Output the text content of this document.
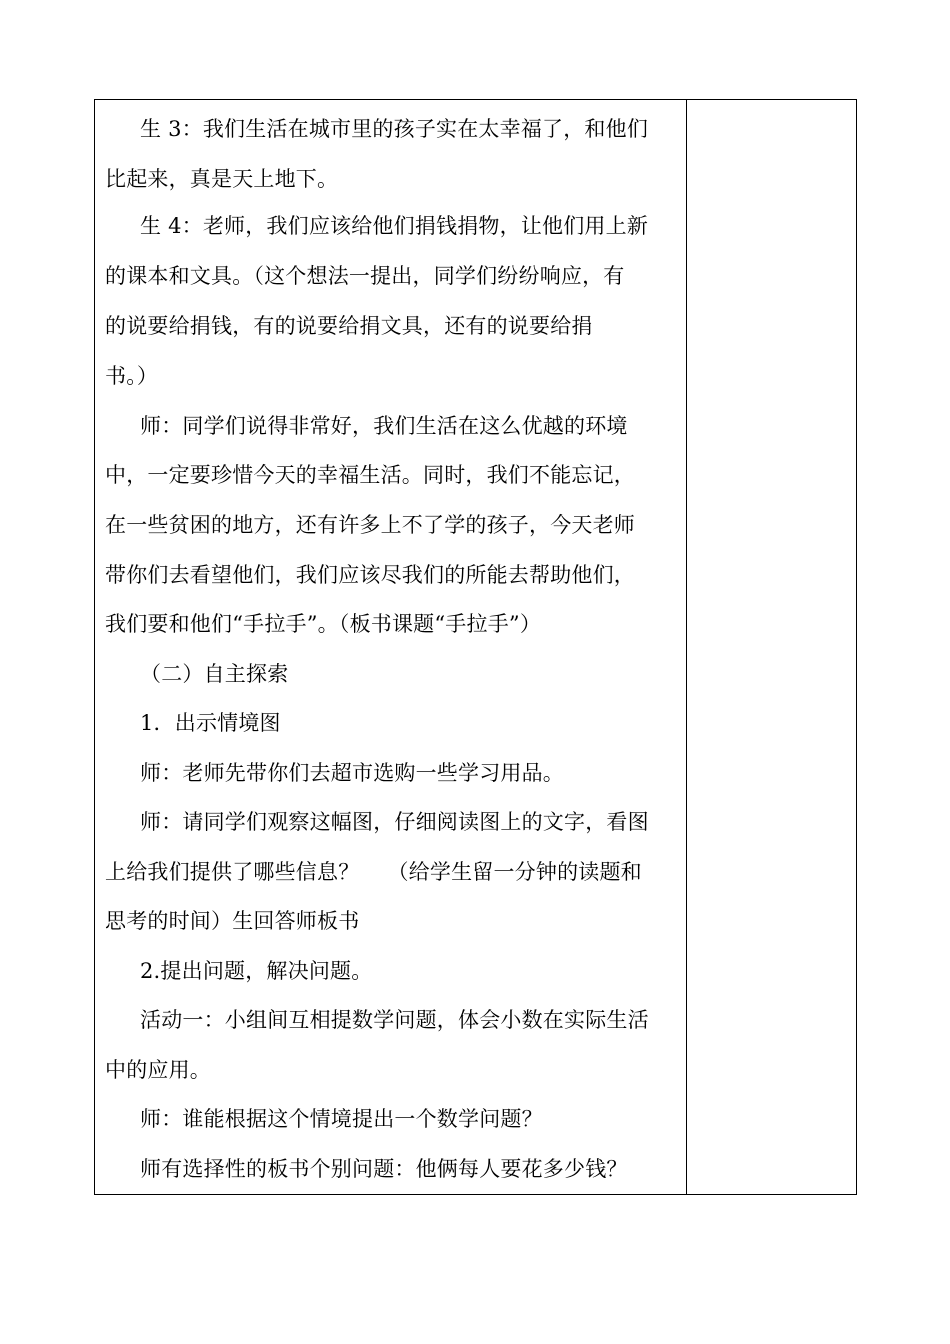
生 3：我们生活在城市里的孩子实在太幸福了，和他们
比起来，真是天上地下。
生 4：老师，我们应该给他们捐钱捐物，让他们用上新
的课本和文具。（这个想法一提出，同学们纷纷响应，有
的说要给捐钱，有的说要给捐文具，还有的说要给捐
书。）
师：同学们说得非常好，我们生活在这么优越的环境
中，一定要珍惜今天的幸福生活。同时，我们不能忘记，
在一些贫困的地方，还有许多上不了学的孩子，今天老师
带你们去看望他们，我们应该尽我们的所能去帮助他们，
我们要和他们“手拉手”。（板书课题“手拉手”）
（二）自主探索
1．出示情境图
师：老师先带你们去超市选购一些学习用品。
师：请同学们观察这幅图，仔细阅读图上的文字，看图
上给我们提供了哪些信息？　 （给学生留一分钟的读题和
思考的时间）生回答师板书
2.提出问题，解决问题。
活动一：小组间互相提数学问题，体会小数在实际生活
中的应用。
师：谁能根据这个情境提出一个数学问题？
师有选择性的板书个别问题：他俩每人要花多少钱？
